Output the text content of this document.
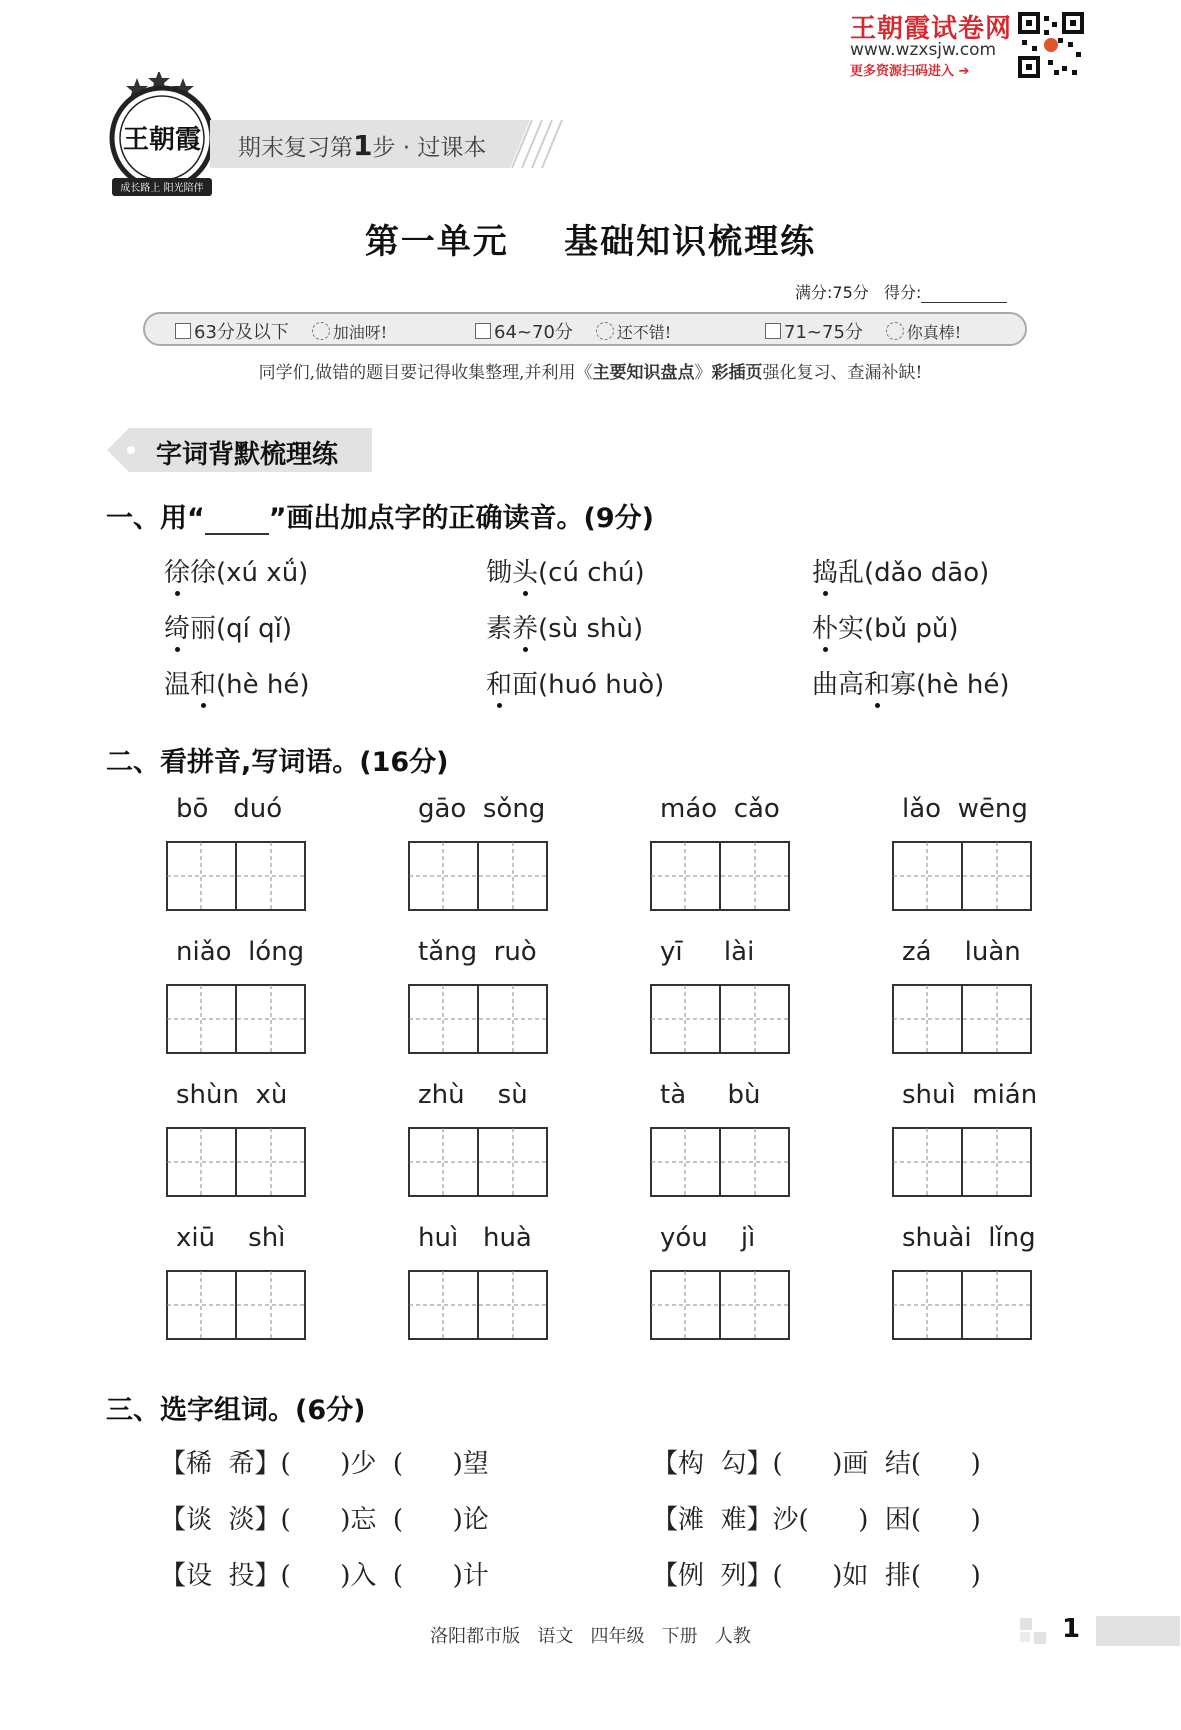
王朝霞试卷网
www.wzxsjw.com
更多资源扫码进入 ➔
王朝霞
成长路上 阳光陪伴
期末复习第1步 · 过课本
第一单元    基础知识梳理练
满分:75分 得分:
63分及以下	加油呀!	64~70分	还不错!	71~75分	你真棒!
同学们,做错的题目要记得收集整理,并利用《主要知识盘点》彩插页强化复习、查漏补缺!
字词背默梳理练
一、用“ ”画出加点字的正确读音。(9分)
徐徐(xú xǘ)	锄头(cú chú)	捣乱(dǎo dāo)
绮丽(qí qǐ)	素养(sù shù)	朴实(bǔ pǔ)
温和(hè hé)	和面(huó huò)	曲高和寡(hè hé)
二、看拼音,写词语。(16分)
bō   duó	gāo  sǒng	máo  cǎo	lǎo  wēng
niǎo  lóng	tǎng  ruò	yī     lài	zá    luàn
shùn  xù	zhù    sù	tà     bù	shuì  mián
xiū    shì	huì   huà	yóu    jì	shuài  lǐng
三、选字组词。(6分)
【稀  希】(      )少  (      )望	【构  勾】(      )画  结(      )
【谈  淡】(      )忘  (      )论	【滩  难】沙(      )  困(      )
【设  投】(      )入  (      )计	【例  列】(      )如  排(      )
洛阳都市版   语文   四年级   下册   人教	1
